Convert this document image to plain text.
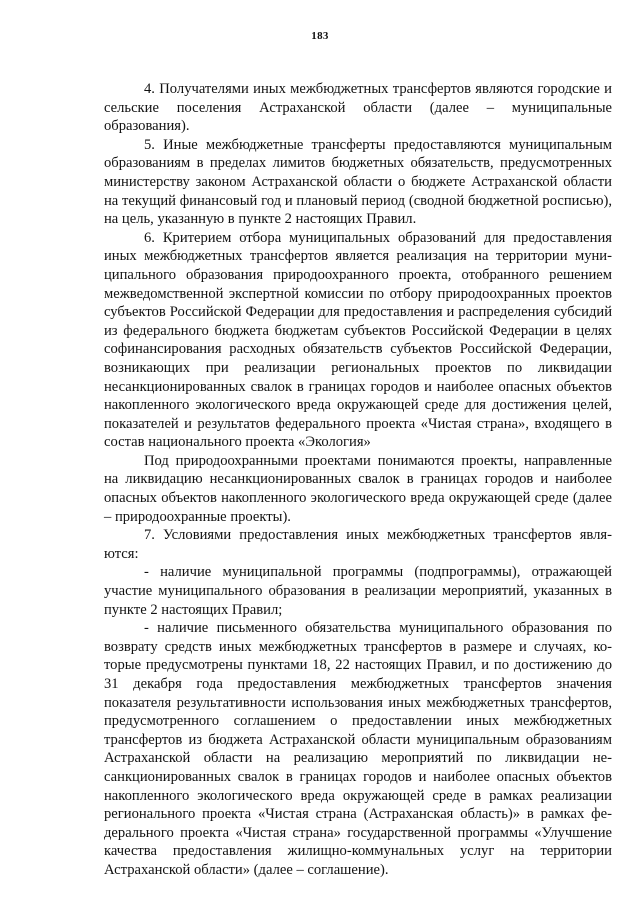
183

4. Получателями иных межбюджетных трансфертов являются городские и сельские поселения Астраханской области (далее – муниципальные образования).

5. Иные межбюджетные трансферты предоставляются муниципальным образованиям в пределах лимитов бюджетных обязательств, предусмотренных министерству законом Астраханской области о бюджете Астраханской области на текущий финансовый год и плановый период (сводной бюджетной росписью), на цель, указанную в пункте 2 настоящих Правил.

6. Критерием отбора муниципальных образований для предоставления иных межбюджетных трансфертов является реализация на территории муниципального образования природоохранного проекта, отобранного решением межведомственной экспертной комиссии по отбору природоохранных проектов субъектов Российской Федерации для предоставления и распределения субсидий из федерального бюджета бюджетам субъектов Российской Федерации в целях софинансирования расходных обязательств субъектов Российской Федерации, возникающих при реализации региональных проектов по ликвидации несанкционированных свалок в границах городов и наиболее опасных объектов накопленного экологического вреда окружающей среде для достижения целей, показателей и результатов федерального проекта «Чистая страна», входящего в состав национального проекта «Экология»

Под природоохранными проектами понимаются проекты, направленные на ликвидацию несанкционированных свалок в границах городов и наиболее опасных объектов накопленного экологического вреда окружающей среде (далее – природоохранные проекты).

7. Условиями предоставления иных межбюджетных трансфертов являются:

- наличие муниципальной программы (подпрограммы), отражающей участие муниципального образования в реализации мероприятий, указанных в пункте 2 настоящих Правил;

- наличие письменного обязательства муниципального образования по возврату средств иных межбюджетных трансфертов в размере и случаях, которые предусмотрены пунктами 18, 22 настоящих Правил, и по достижению до 31 декабря года предоставления межбюджетных трансфертов значения показателя результативности использования иных межбюджетных трансфертов, предусмотренного соглашением о предоставлении иных межбюджетных трансфертов из бюджета Астраханской области муниципальным образованиям Астраханской области на реализацию мероприятий по ликвидации несанкционированных свалок в границах городов и наиболее опасных объектов накопленного экологического вреда окружающей среде в рамках реализации регионального проекта «Чистая страна (Астраханская область)» в рамках федерального проекта «Чистая страна» государственной программы «Улучшение качества предоставления жилищно-коммунальных услуг на территории Астраханской области» (далее – соглашение).
